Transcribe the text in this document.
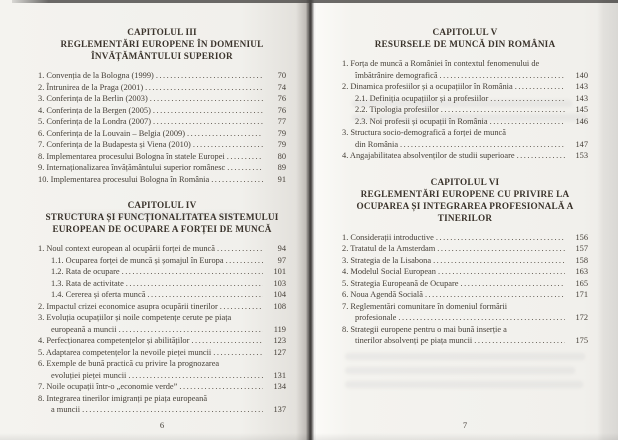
CAPITOLUL III
REGLEMENTĂRI EUROPENE ÎN DOMENIUL
ÎNVĂȚĂMÂNTULUI SUPERIOR
1. Convenția de la Bologna (1999) .....	70
2. Întrunirea de la Praga (2001) .....	74
3. Conferința de la Berlin (2003) .....	76
4. Conferința de la Bergen (2005) .....	76
5. Conferința de la Londra (2007) .....	77
6. Conferința de la Louvain – Belgia (2009) .....	79
7. Conferința de la Budapesta și Viena (2010) .....	79
8. Implementarea procesului Bologna în statele Europei .....	80
9. Internaționalizarea învățământului superior românesc .....	89
10. Implementarea procesului Bologna în România .....	91
CAPITOLUL IV
STRUCTURA ȘI FUNCȚIONALITATEA SISTEMULUI
EUROPEAN DE OCUPARE A FORȚEI DE MUNCĂ
1. Noul context european al ocupării forței de muncă .....	94
1.1. Ocuparea forței de muncă și șomajul în Europa .....	97
1.2. Rata de ocupare .....	101
1.3. Rata de activitate .....	103
1.4. Cererea și oferta muncă .....	104
2. Impactul crizei economice asupra ocupării tinerilor .....	108
3. Evoluția ocupațiilor și noile competențe cerute pe piața
europeană a muncii .....	119
4. Perfecționarea competențelor și abilităților .....	123
5. Adaptarea competențelor la nevoile pieței muncii .....	127
6. Exemple de bună practică cu privire la prognozarea
evoluției pieței muncii .....	131
7. Noile ocupații într-o „economie verde” .....	134
8. Integrarea tinerilor imigranți pe piața europeană
a muncii .....	137
CAPITOLUL V
RESURSELE DE MUNCĂ DIN ROMÂNIA
1. Forța de muncă a României în contextul fenomenului de
îmbătrânire demografică .....	140
2. Dinamica profesiilor și a ocupațiilor în România .....	143
2.1. Definiția ocupațiilor și a profesiilor .....	143
2.2. Tipologia profesiilor .....	145
2.3. Noi profesii și ocupații în România .....	146
3. Structura socio-demografică a forței de muncă
din România .....	147
4. Angajabilitatea absolvenților de studii superioare .....	153
CAPITOLUL VI
REGLEMENTĂRI EUROPENE CU PRIVIRE LA
OCUPAREA ȘI INTEGRAREA PROFESIONALĂ A
TINERILOR
1. Considerații introductive .....	156
2. Tratatul de la Amsterdam .....	157
3. Strategia de la Lisabona .....	158
4. Modelul Social European .....	163
5. Strategia Europeană de Ocupare .....	165
6. Noua Agendă Socială .....	171
7. Reglementări comunitare în domeniul formării
profesionale .....	172
8. Strategii europene pentru o mai bună inserție a
tinerilor absolvenți pe piața muncii .....	175
6	7
